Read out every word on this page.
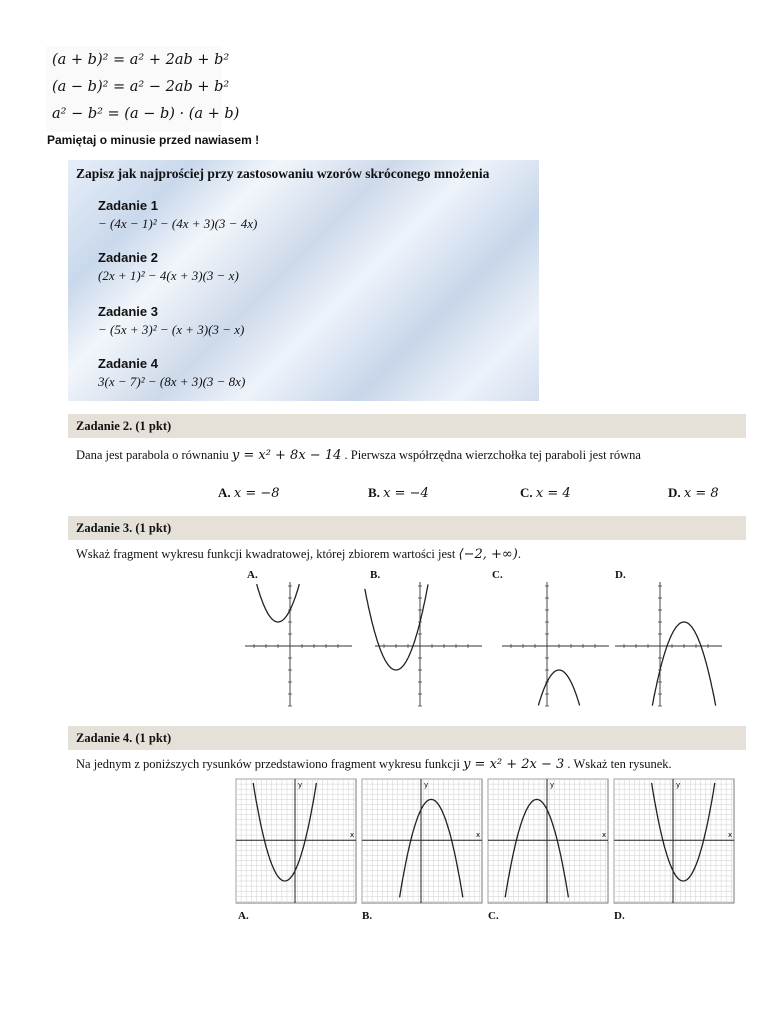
(a + b)² = a² + 2ab + b²
(a − b)² = a² − 2ab + b²
a² − b² = (a − b) · (a + b)
Pamiętaj o minusie przed nawiasem !
Zapisz jak najprościej przy zastosowaniu wzorów skróconego mnożenia
Zadanie 1
− (4x − 1)² − (4x + 3)(3 − 4x)
Zadanie 2
(2x + 1)² − 4(x + 3)(3 − x)
Zadanie 3
− (5x + 3)² − (x + 3)(3 − x)
Zadanie 4
3(x − 7)² − (8x + 3)(3 − 8x)
Zadanie 2. (1 pkt)
Dana jest parabola o równaniu y = x² + 8x − 14 . Pierwsza współrzędna wierzchołka tej paraboli jest równa
A. x = −8	B. x = −4	C. x = 4	D. x = 8
Zadanie 3. (1 pkt)
Wskaż fragment wykresu funkcji kwadratowej, której zbiorem wartości jest ⟨−2, +∞).
A.	B.	C.	D.
Zadanie 4. (1 pkt)
Na jednym z poniższych rysunków przedstawiono fragment wykresu funkcji y = x² + 2x − 3 . Wskaż ten rysunek.
A.	B.	C.	D.
x
y
x
y
x
y
x
y
